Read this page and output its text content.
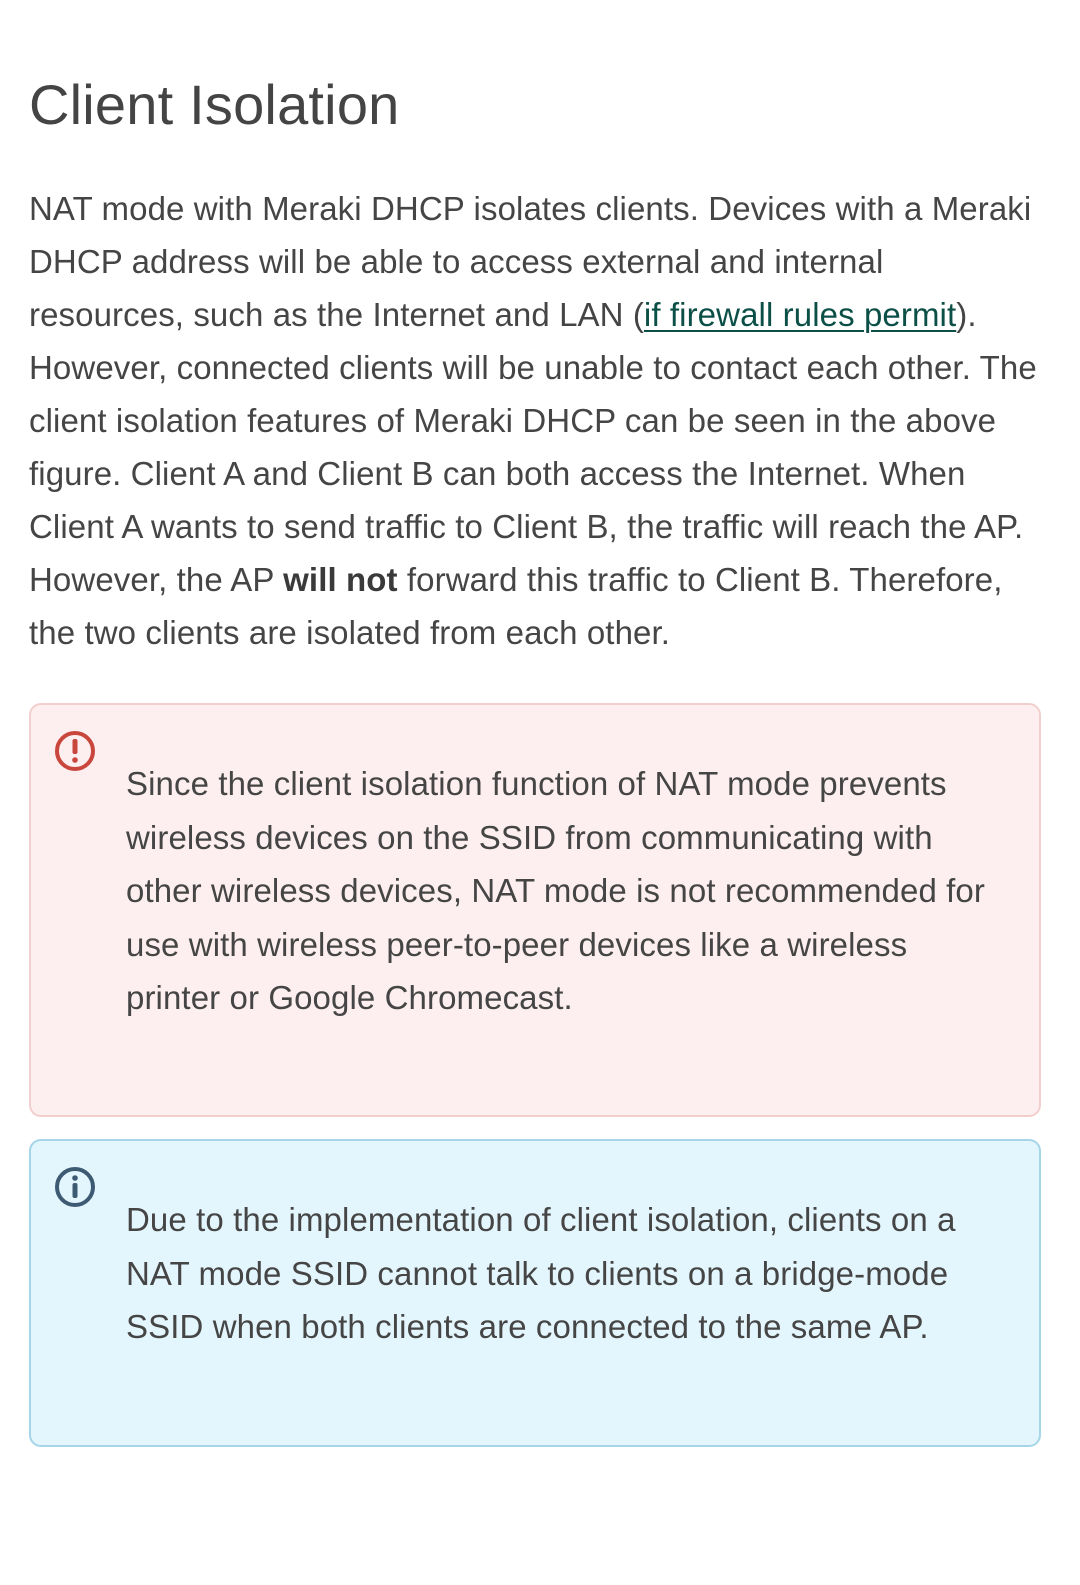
Client Isolation

NAT mode with Meraki DHCP isolates clients. Devices with a Meraki DHCP address will be able to access external and internal resources, such as the Internet and LAN (if firewall rules permit). However, connected clients will be unable to contact each other. The client isolation features of Meraki DHCP can be seen in the above figure. Client A and Client B can both access the Internet. When Client A wants to send traffic to Client B, the traffic will reach the AP. However, the AP will not forward this traffic to Client B. Therefore, the two clients are isolated from each other.

Since the client isolation function of NAT mode prevents wireless devices on the SSID from communicating with other wireless devices, NAT mode is not recommended for use with wireless peer-to-peer devices like a wireless printer or Google Chromecast.
Due to the implementation of client isolation, clients on a NAT mode SSID cannot talk to clients on a bridge-mode SSID when both clients are connected to the same AP.
